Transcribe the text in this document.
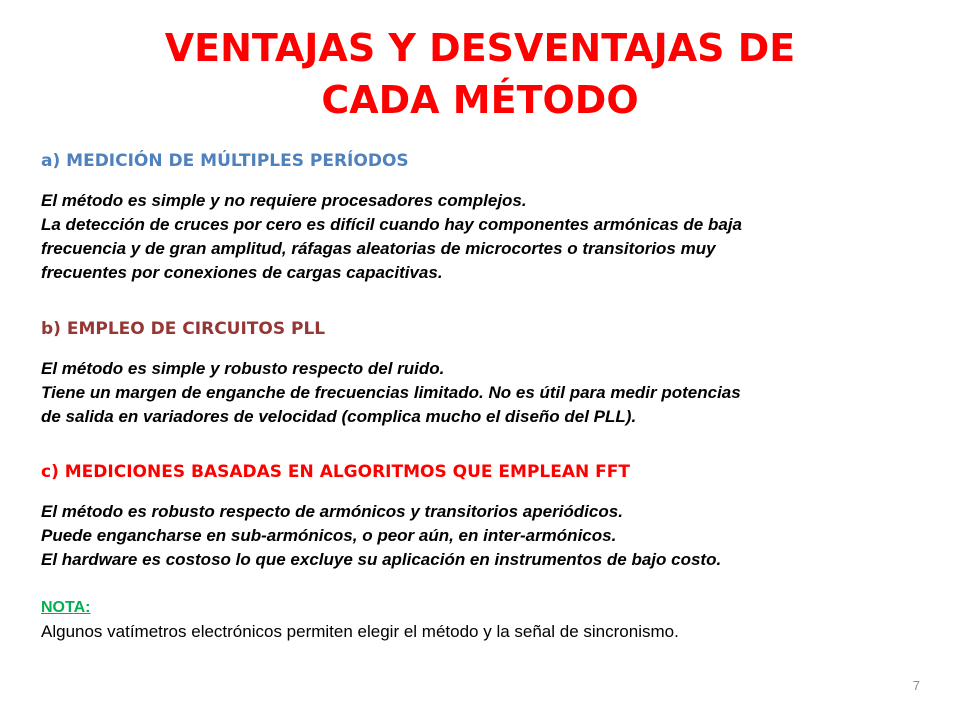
VENTAJAS Y DESVENTAJAS DE
CADA MÉTODO
a) MEDICIÓN DE MÚLTIPLES PERÍODOS
El método es simple y no requiere procesadores complejos.
La detección de cruces por cero es difícil cuando hay componentes armónicas de baja
frecuencia y de gran amplitud, ráfagas aleatorias de microcortes o transitorios muy
frecuentes por conexiones de cargas capacitivas.
b) EMPLEO DE CIRCUITOS PLL
El método es simple y robusto respecto del ruido.
Tiene un margen de enganche de frecuencias limitado. No es útil para medir potencias
de salida en variadores de velocidad (complica mucho el diseño del PLL).
c) MEDICIONES BASADAS EN ALGORITMOS QUE EMPLEAN FFT
El método es robusto respecto de armónicos y transitorios aperiódicos.
Puede engancharse en sub-armónicos, o peor aún, en inter-armónicos.
El hardware es costoso lo que excluye su aplicación en instrumentos de bajo costo.
NOTA:
Algunos vatímetros electrónicos permiten elegir el método y la señal de sincronismo.
7
